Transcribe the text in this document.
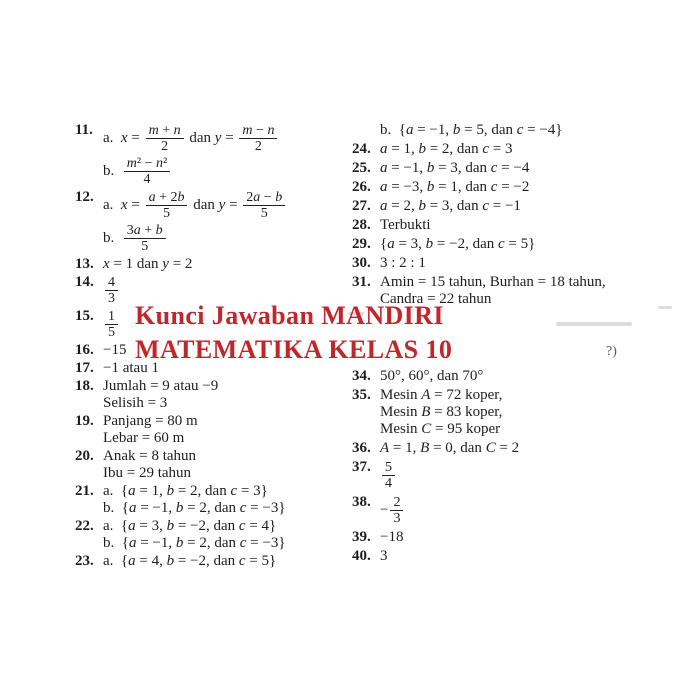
11. a.  $x = \frac{m + n}{2}$ dan $y = \frac{m - n}{2}$
b.  $\frac{\text{m² − n²}}{4}$
12. a.  $x = \frac{a + 2b}{5}$ dan $y = \frac{2a - b}{5}$
b.  $\frac{3a + b}{5}$
13. x = 1 dan y = 2
14. $\frac{4}{3}$
15. $\frac{1}{5}$
16. −15
17. −1 atau 1
18. Jumlah = 9 atau −9
Selisih = 3
19. Panjang = 80 m
Lebar = 60 m
20. Anak = 8 tahun
Ibu = 29 tahun
21. a. {a = 1, b = 2, dan c = 3}
b. {a = −1, b = 2, dan c = −3}
22. a. {a = 3, b = −2, dan c = 4}
b. {a = −1, b = 2, dan c = −3}
23. a. {a = 4, b = −2, dan c = 5}
b. {a = −1, b = 5, dan c = −4}
24. a = 1, b = 2, dan c = 3
25. a = −1, b = 3, dan c = −4
26. a = −3, b = 1, dan c = −2
27. a = 2, b = 3, dan c = −1
28. Terbukti
29. {a = 3, b = −2, dan c = 5}
30. 3 : 2 : 1
31. Amin = 15 tahun, Burhan = 18 tahun,
Candra = 22 tahun
34. 50°, 60°, dan 70°
35. Mesin A = 72 koper,
Mesin B = 83 koper,
Mesin C = 95 koper
36. A = 1, B = 0, dan C = 2
37. $\frac{5}{4}$
38. − $\frac{2}{3}$
39. −18
40. 3
Kunci Jawaban MANDIRI
MATEMATIKA KELAS 10	?)
